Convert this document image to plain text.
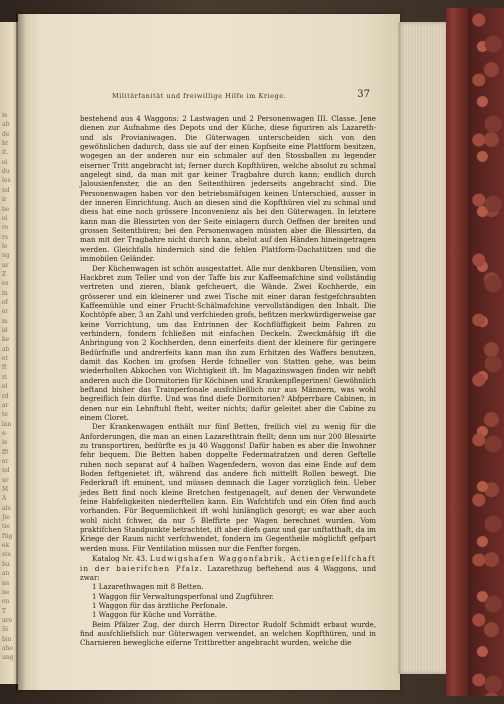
ie
ab
de
ht
it.
ei
du
les
nd
ir
be
ei
re
rs
le
ng
ur
Z
es
in
of
er
m
id
ke
ab
et
ft
ri
el
rd
ar
te
lan
s-
ie
fft
er
nd
ur
M
A
ale
Jie
tie
ftig
ek
ste
bu
an
ne
ne
en
T
ure
Si
bin
ahe
ung
Militärfanität und freiwillige Hilfe im Kriege.	37

bestehend aus 4 Waggons: 2 Lastwagen und 2 Personenwagen III. Classe. Jene dienen zur Aufnahme des Depots und der Küche, diese figuriren als Lazareth- und als Provianiwagen. Die Güterwagen unterscheiden sich von den gewöhnlichen dadurch, dass sie auf der einen Kopfseite eine Plattform besitzen, wogegen an der anderen nur ein schmaler auf den Stossballen zu legender eiserner Tritt angebracht ist; ferner durch Kopfthüren, welche absolut zu schmal angelegt sind, da man mit gar keiner Tragbahre durch kann; endlich durch Jalousienfenster, die an den Seitenthüren jederseits angebracht sind. Die Personenwagen haben vor den betriebsmäfsigen keinen Unterschied, ausser in der inneren Einrichtung. Auch an diesen sind die Kopfthüren viel zu schmal und diess hat eine noch grössere Inconvenienz als bei den Güterwagen. In letztere kann man die Blessirten von der Seite einlagern durch Oeffnen der breiten und grossen Seitenthüren; bei den Personenwagen müssten aber die Blessirten, da man mit der Tragbahre nicht durch kann, abelut auf den Händen hineingetragen werden. Gleichfalls hindernich sind die fehlen Plattform-Dachstützen und die immobilen Geländer.

Der Küchenwagen ist schön ausgestattet. Alle nur denkbaren Utensilien, vom Hackbret zum Teller und von der Taffe bis zur Kaffeemafchine sind vollständig vertreten und zieren, blank gefcheuert, die Wände. Zwei Kochherde, ein grösserer und ein kleinerer und zwei Tische mit einer daran festgefchraubten Kaffeemühle und einer Frucht-Schälmafchine vervollständigen den Inhalt. Die Kochtöpfe aber, 3 an Zahl und verfchieden grofs, befitzen merkwürdigerweise gar keine Vorrichtung, um das Entrinnen der Kochflüffigkeit beim Fahren zu verhindern, fondern fchließen mit einfachen Deckeln. Zweckmäfsig ift die Anbringung von 2 Kochherden, denn einerfeits dient der kleinere für geringere Bedürfnifle und andrerfeits kann man ihn zum Erhitzen des Waffers benutzen, damit das Kochen im grofsen Herde fchneller von Statten gehe, was beim wiederholten Abkochen von Wichtigkeit ift. Im Magazinswagen finden wir nebft anderen auch die Dormitorien für Köchinen und Krankenpflegerinen! Gewöhnlich beftand bisher das Trainperfonale ausfchließlich nur aus Männern, was wohl begreiflich fein dürfte. Und was find diefe Dormitorien? Abfperrbare Cabinen, in denen nur ein Lehnftuhl fteht, weiter nichts; dafür geleitet aber die Cabine zu einem Cloret.

Der Krankenwagen enthält nur fünf Betten, freilich viel zu wenig für die Anforderungen, die man an einen Lazarethtrain ftellt; denn um nur 200 Blessirte zu transportiren, bedürfte es ja 40 Waggons! Dafür haben es aber die Inwohner fehr bequem. Die Betten haben doppelte Federmatratzen und deren Geftelle ruhen noch separat auf 4 halben Wagenfedern, wovon das eine Ende auf dem Boden feftgenietet ift, während das andere fich mittelft Rollen bewegt. Die Federkraft ift eminent, und müssen demnach die Lager vorzüglich fein. Ueber jedes Bett find noch kleine Bretchen festgenagelt, auf denen der Verwundete feine Habfeligkeiten niederftellen kann. Ein Wafchtifch und ein Ofen find auch vorhanden. Für Bequemlichkeit ift wohl hinlänglich gesorgt; es war aber auch wohl nicht fchwer, da nur 5 Bleffirte per Wagen berechnet wurden. Vom praktifchen Standpunkte betrachtet, ift aber diefs ganz und gar unftatthaft, da im Kriege der Raum nicht verfchwendet, fondern im Gegentheile möglichft gefpart werden muss. Für Ventilation müssen nur die Fenfter forgen.

Katalog Nr. 43. Ludwigshafen Waggonfabrik, Actiengefellfchaft in der baierifchen Pfalz. Lazarethzug beftehend aus 4 Waggons, und zwar:

1 Lazarethwagen mit 8 Betten.
1 Waggon für Verwaltungsperfonal und Zugführer.
1 Waggon für das ärztliche Perfonale.
1 Waggon für Küche und Vorräthe.

Beim Pfälzer Zug, der durch Herrn Director Rudolf Schmidt erbaut wurde, find ausfchliefslich nur Güterwagen verwendet, an welchen Kopfthüren, und in Charnieren bewegliche eiferne Trittbretter angebracht wurden, welche die
